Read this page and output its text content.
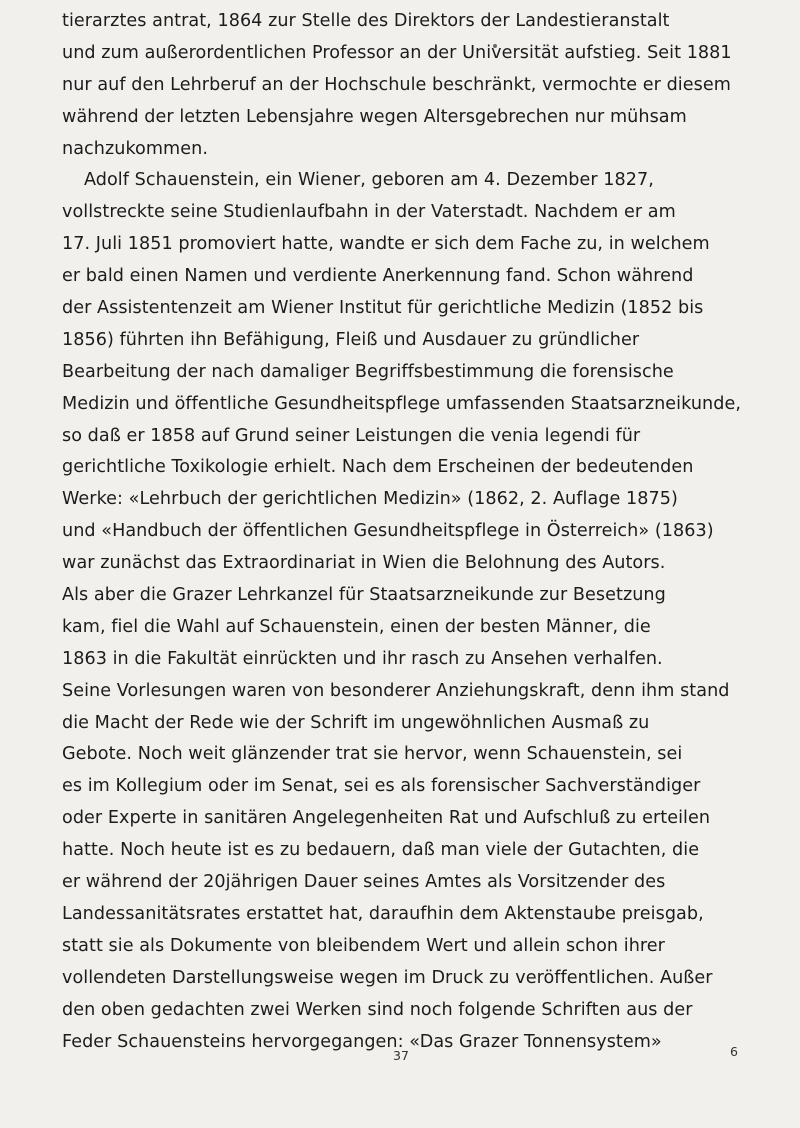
tierarztes antrat, 1864 zur Stelle des Direktors der Landestieranstalt
und zum außerordentlichen Professor an der Universität aufstieg. Seit 1881
nur auf den Lehrberuf an der Hochschule beschränkt, vermochte er diesem
während der letzten Lebensjahre wegen Altersgebrechen nur mühsam
nachzukommen.
Adolf Schauenstein, ein Wiener, geboren am 4. Dezember 1827,
vollstreckte seine Studienlaufbahn in der Vaterstadt. Nachdem er am
17. Juli 1851 promoviert hatte, wandte er sich dem Fache zu, in welchem
er bald einen Namen und verdiente Anerkennung fand. Schon während
der Assistentenzeit am Wiener Institut für gerichtliche Medizin (1852 bis
1856) führten ihn Befähigung, Fleiß und Ausdauer zu gründlicher
Bearbeitung der nach damaliger Begriffsbestimmung die forensische
Medizin und öffentliche Gesundheitspflege umfassenden Staatsarzneikunde,
so daß er 1858 auf Grund seiner Leistungen die venia legendi für
gerichtliche Toxikologie erhielt. Nach dem Erscheinen der bedeutenden
Werke: «Lehrbuch der gerichtlichen Medizin» (1862, 2. Auflage 1875)
und «Handbuch der öffentlichen Gesundheitspflege in Österreich» (1863)
war zunächst das Extraordinariat in Wien die Belohnung des Autors.
Als aber die Grazer Lehrkanzel für Staatsarzneikunde zur Besetzung
kam, fiel die Wahl auf Schauenstein, einen der besten Männer, die
1863 in die Fakultät einrückten und ihr rasch zu Ansehen verhalfen.
Seine Vorlesungen waren von besonderer Anziehungskraft, denn ihm stand
die Macht der Rede wie der Schrift im ungewöhnlichen Ausmaß zu
Gebote. Noch weit glänzender trat sie hervor, wenn Schauenstein, sei
es im Kollegium oder im Senat, sei es als forensischer Sachverständiger
oder Experte in sanitären Angelegenheiten Rat und Aufschluß zu erteilen
hatte. Noch heute ist es zu bedauern, daß man viele der Gutachten, die
er während der 20jährigen Dauer seines Amtes als Vorsitzender des
Landessanitätsrates erstattet hat, daraufhin dem Aktenstaube preisgab,
statt sie als Dokumente von bleibendem Wert und allein schon ihrer
vollendeten Darstellungsweise wegen im Druck zu veröffentlichen. Außer
den oben gedachten zwei Werken sind noch folgende Schriften aus der
Feder Schauensteins hervorgegangen: «Das Grazer Tonnensystem»
37	6
